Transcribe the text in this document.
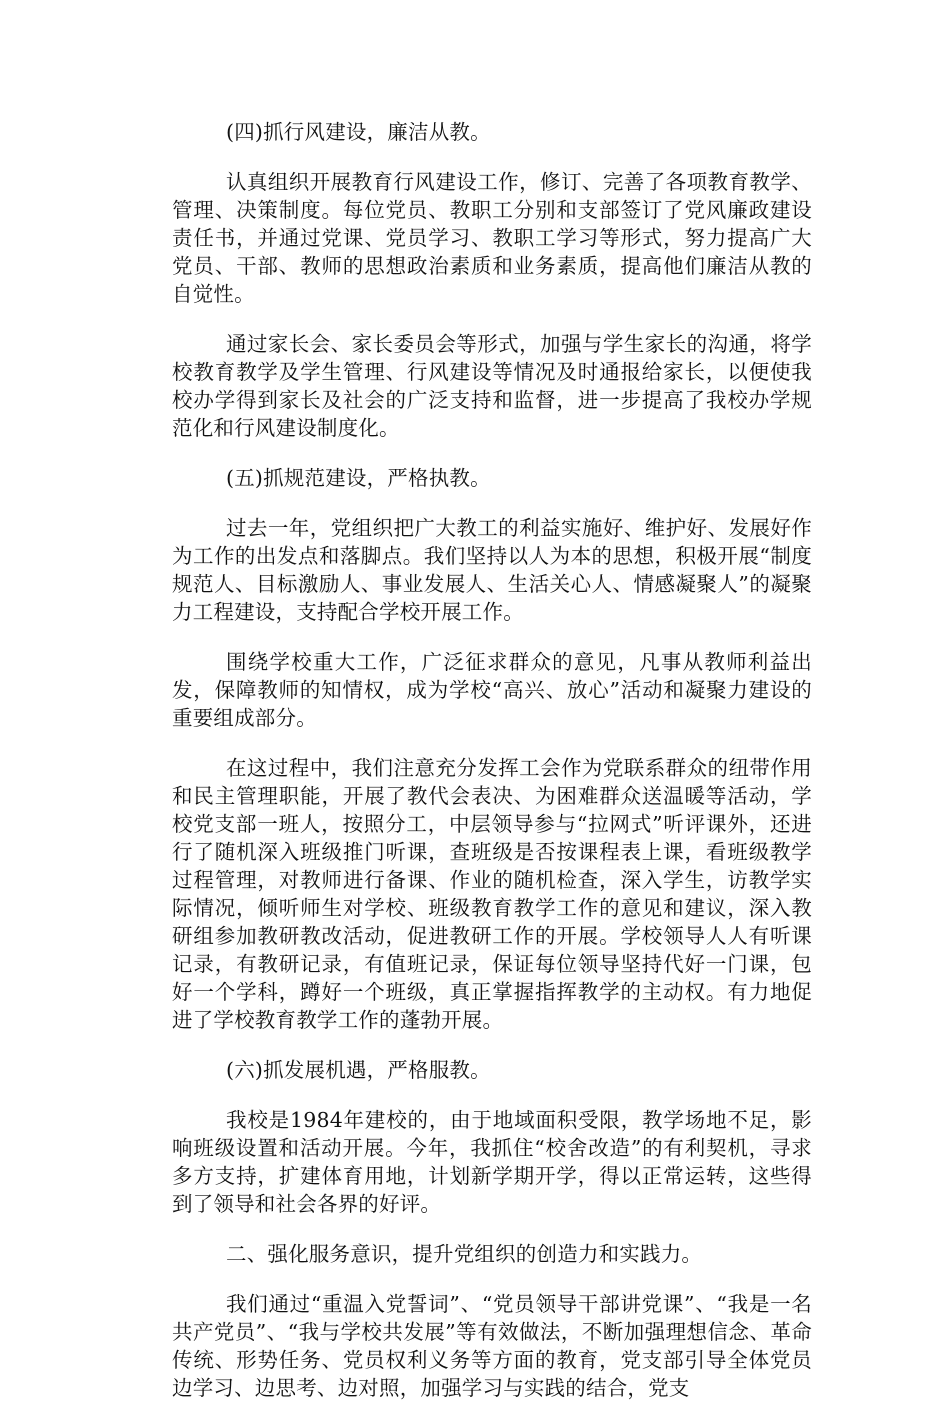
(四)抓行风建设，廉洁从教。

认真组织开展教育行风建设工作，修订、完善了各项教育教学、管理、决策制度。每位党员、教职工分别和支部签订了党风廉政建设责任书，并通过党课、党员学习、教职工学习等形式，努力提高广大党员、干部、教师的思想政治素质和业务素质，提高他们廉洁从教的自觉性。

通过家长会、家长委员会等形式，加强与学生家长的沟通，将学校教育教学及学生管理、行风建设等情况及时通报给家长，以便使我校办学得到家长及社会的广泛支持和监督，进一步提高了我校办学规范化和行风建设制度化。

(五)抓规范建设，严格执教。

过去一年，党组织把广大教工的利益实施好、维护好、发展好作为工作的出发点和落脚点。我们坚持以人为本的思想，积极开展“制度规范人、目标激励人、事业发展人、生活关心人、情感凝聚人”的凝聚力工程建设，支持配合学校开展工作。

围绕学校重大工作，广泛征求群众的意见，凡事从教师利益出发，保障教师的知情权，成为学校“高兴、放心”活动和凝聚力建设的重要组成部分。

在这过程中，我们注意充分发挥工会作为党联系群众的纽带作用和民主管理职能，开展了教代会表决、为困难群众送温暖等活动，学校党支部一班人，按照分工，中层领导参与“拉网式”听评课外，还进行了随机深入班级推门听课，查班级是否按课程表上课，看班级教学过程管理，对教师进行备课、作业的随机检查，深入学生，访教学实际情况，倾听师生对学校、班级教育教学工作的意见和建议，深入教研组参加教研教改活动，促进教研工作的开展。学校领导人人有听课记录，有教研记录，有值班记录，保证每位领导坚持代好一门课，包好一个学科，蹲好一个班级，真正掌握指挥教学的主动权。有力地促进了学校教育教学工作的蓬勃开展。

(六)抓发展机遇，严格服教。

我校是1984年建校的，由于地域面积受限，教学场地不足，影响班级设置和活动开展。今年，我抓住“校舍改造”的有利契机，寻求多方支持，扩建体育用地，计划新学期开学，得以正常运转，这些得到了领导和社会各界的好评。

二、强化服务意识，提升党组织的创造力和实践力。

我们通过“重温入党誓词”、“党员领导干部讲党课”、“我是一名共产党员”、“我与学校共发展”等有效做法，不断加强理想信念、革命传统、形势任务、党员权利义务等方面的教育，党支部引导全体党员边学习、边思考、边对照，加强学习与实践的结合，党支
